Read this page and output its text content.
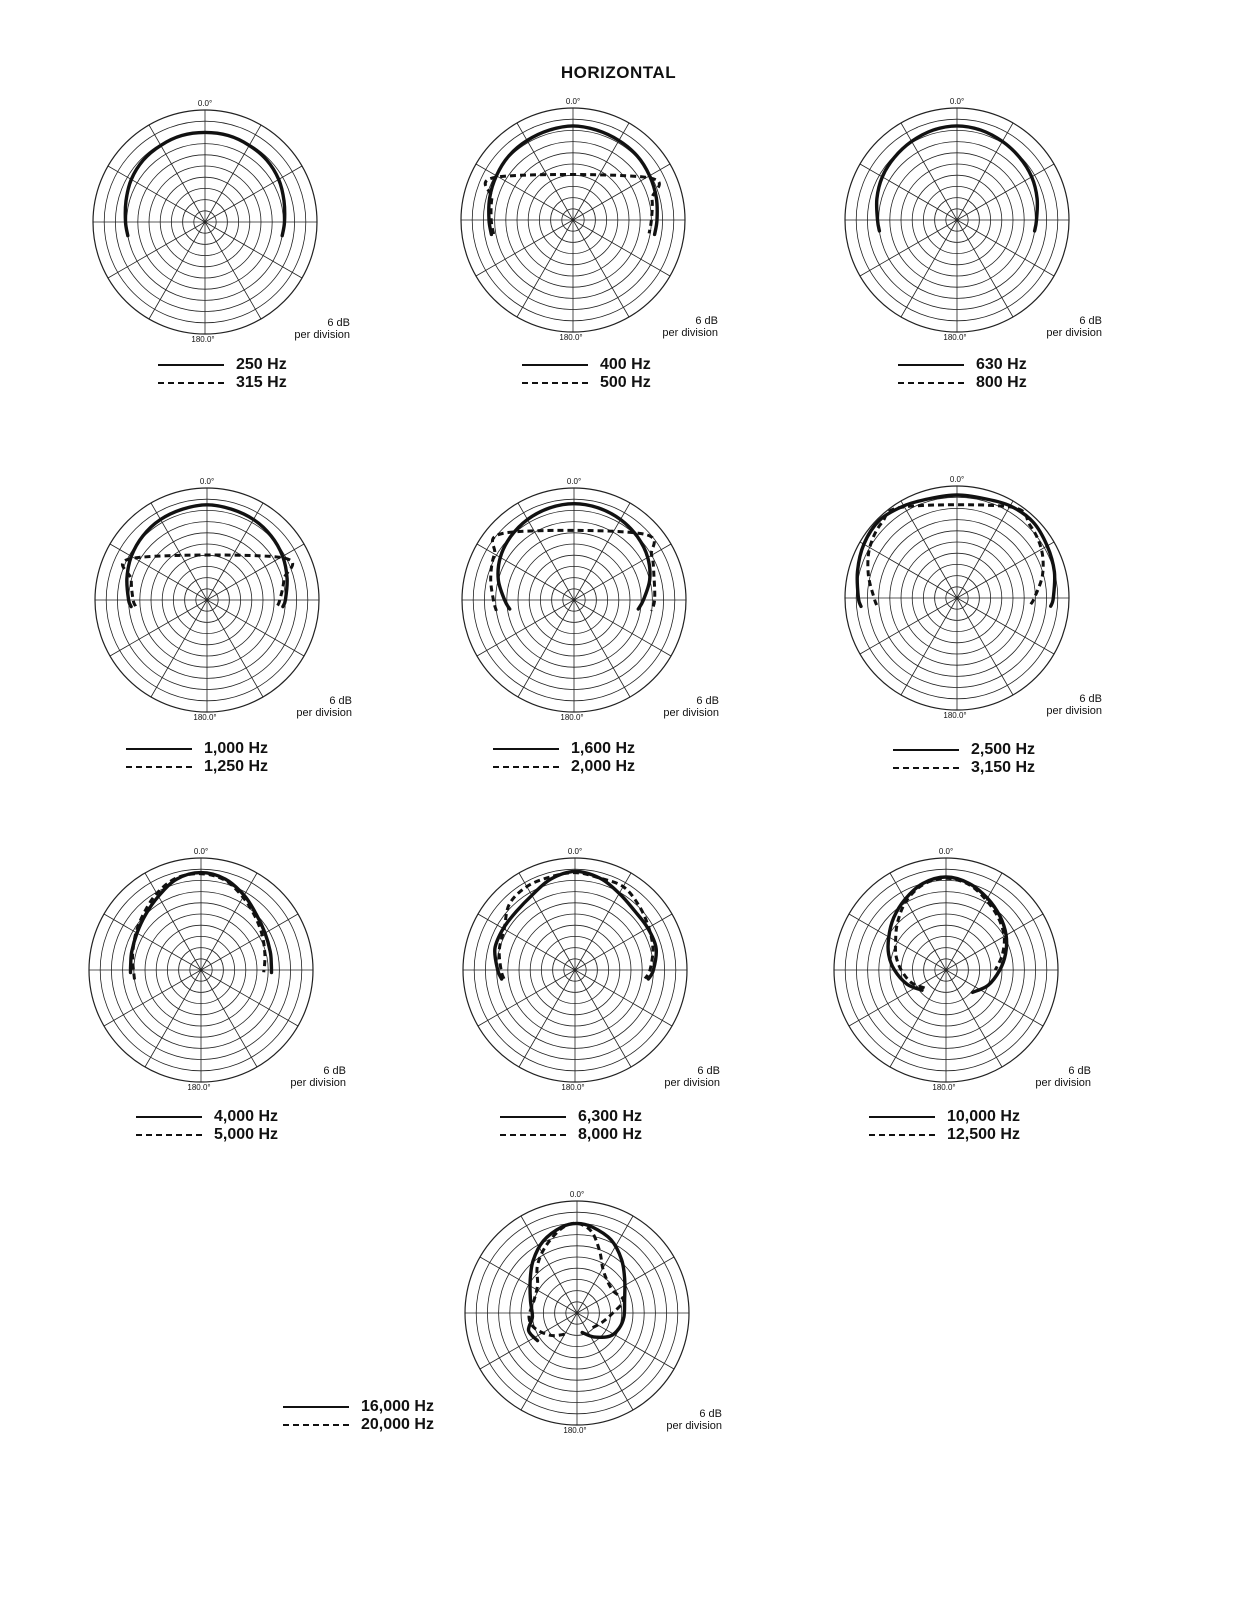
HORIZONTAL
0.0°
180.0°
6 dB
per division
0.0°
180.0°
6 dB
per division
0.0°
180.0°
6 dB
per division
0.0°
180.0°
6 dB
per division
0.0°
180.0°
6 dB
per division
0.0°
180.0°
6 dB
per division
0.0°
180.0°
6 dB
per division
0.0°
180.0°
6 dB
per division
0.0°
180.0°
6 dB
per division
0.0°
180.0°
6 dB
per division
250 Hz
315 Hz
400 Hz
500 Hz
630 Hz
800 Hz
1,000 Hz
1,250 Hz
1,600 Hz
2,000 Hz
2,500 Hz
3,150 Hz
4,000 Hz
5,000 Hz
6,300 Hz
8,000 Hz
10,000 Hz
12,500 Hz
16,000 Hz
20,000 Hz
